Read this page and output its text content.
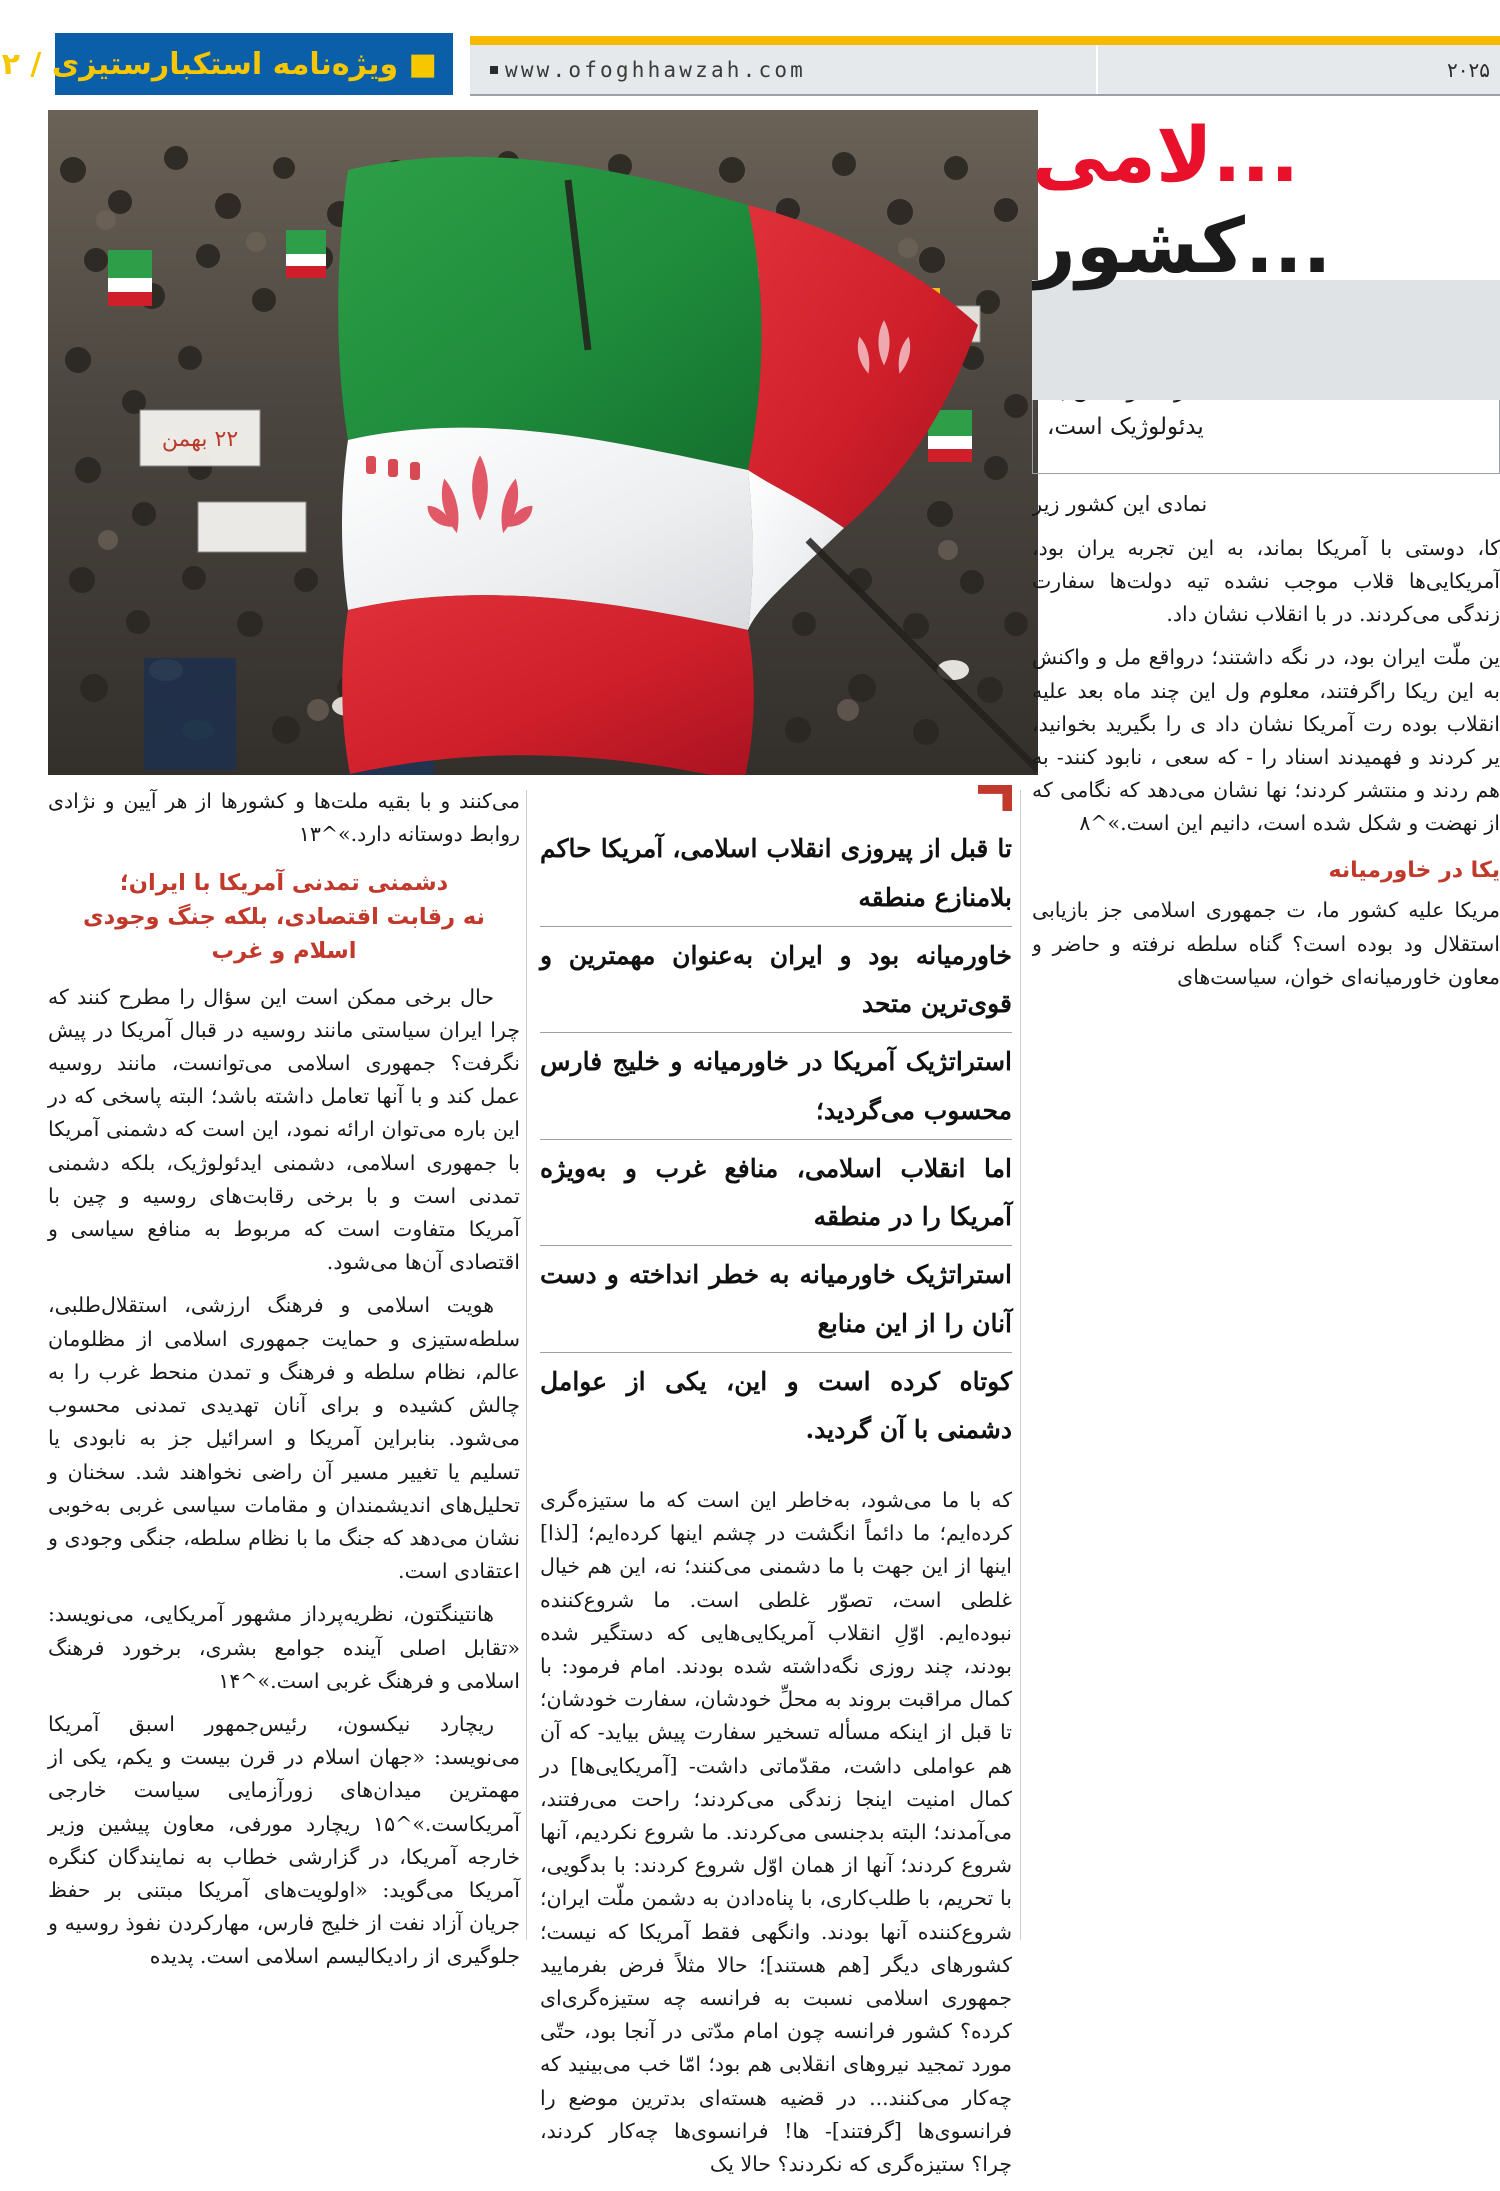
■ ویژه‌نامه استکبارستیزی / ۲	www.ofoghhawzah.com	۲۰۲۵
۲۲ بهمن

می‌کنند و با بقیه ملت‌ها و کشورها از هر آیین و نژادی روابط دوستانه دارد.»^۱۳

دشمنی تمدنی آمریکا با ایران؛
نه رقابت اقتصادی، بلکه جنگ وجودی اسلام و غرب

حال برخی ممکن است این سؤال را مطرح کنند که چرا ایران سیاستی مانند روسیه در قبال آمریکا در پیش نگرفت؟ جمهوری اسلامی می‌توانست، مانند روسیه عمل کند و با آنها تعامل داشته باشد؛ البته پاسخی که در این باره می‌توان ارائه نمود، این است که دشمنی آمریکا با جمهوری اسلامی، دشمنی ایدئولوژیک، بلکه دشمنی تمدنی است و با برخی رقابت‌های روسیه و چین با آمریکا متفاوت است که مربوط به منافع سیاسی و اقتصادی آن‌ها می‌شود.

هویت اسلامی و فرهنگ ارزشی، استقلال‌طلبی، سلطه‌ستیزی و حمایت جمهوری اسلامی از مظلومان عالم، نظام سلطه و فرهنگ و تمدن منحط غرب را به چالش کشیده و برای آنان تهدیدی تمدنی محسوب می‌شود. بنابراین آمریکا و اسرائیل جز به نابودی یا تسلیم یا تغییر مسیر آن راضی نخواهند شد. سخنان و تحلیل‌های اندیشمندان و مقامات سیاسی غربی به‌خوبی نشان می‌دهد که جنگ ما با نظام سلطه، جنگی وجودی و اعتقادی است.

هانتینگتون، نظریه‌پرداز مشهور آمریکایی، می‌نویسد: «تقابل اصلی آینده جوامع بشری، برخورد فرهنگ اسلامی و فرهنگ غربی است.»^۱۴

ریچارد نیکسون، رئیس‌جمهور اسبق آمریکا می‌نویسد: «جهان اسلام در قرن بیست و یکم، یکی از مهمترین میدان‌های زورآزمایی سیاست خارجی آمریکاست.»^۱۵ ریچارد مورفی، معاون پیشین وزیر خارجه آمریکا، در گزارشی خطاب به نمایندگان کنگره آمریکا می‌گوید: «اولویت‌های آمریکا مبتنی بر حفظ جریان آزاد نفت از خلیج فارس، مهارکردن نفوذ روسیه و جلوگیری از رادیکالیسم اسلامی است. پدیده

تا قبل از پیروزی انقلاب اسلامی، آمریکا حاکم بلامنازع منطقه
خاورمیانه بود و ایران به‌عنوان مهمترین و قوی‌ترین متحد
استراتژیک آمریکا در خاورمیانه و خلیج فارس محسوب می‌گردید؛
اما انقلاب اسلامی، منافع غرب و به‌ویژه آمریکا را در منطقه
استراتژیک خاورمیانه به خطر انداخته و دست آنان را از این منابع
کوتاه کرده است و این، یکی از عوامل دشمنی با آن گردید.

که با ما می‌شود، به‌خاطر این است که ما ستیزه‌گری کرده‌ایم؛ ما دائماً انگشت در چشم اینها کرده‌ایم؛ [لذا] اینها از این جهت با ما دشمنی می‌کنند؛ نه، این هم خیال غلطی است، تصوّر غلطی است. ما شروع‌کننده نبوده‌ایم. اوّلِ انقلاب آمریکایی‌هایی که دستگیر شده بودند، چند روزی نگه‌داشته شده بودند. امام فرمود: با کمال مراقبت بروند به محلِّ خودشان، سفارت خودشان؛ تا قبل از اینکه مسأله تسخیر سفارت پیش بیاید- که آن هم عواملی داشت، مقدّماتی داشت- [آمریکایی‌ها] در کمال امنیت اینجا زندگی می‌کردند؛ راحت می‌رفتند، می‌آمدند؛ البته بدجنسی می‌کردند. ما شروع نکردیم، آنها شروع کردند؛ آنها از همان اوّل شروع کردند: با بدگویی، با تحریم، با طلب‌کاری، با پناه‌دادن به دشمن ملّت ایران؛ شروع‌کننده آنها بودند. وانگهی فقط آمریکا که نیست؛ کشورهای دیگر [هم هستند]؛ حالا مثلاً فرض بفرمایید جمهوری اسلامی نسبت به فرانسه چه ستیزه‌گری‌ای کرده؟ کشور فرانسه چون امام مدّتی در آنجا بود، حتّی مورد تمجید نیروهای انقلابی هم بود؛ امّا خب می‌بینید که چه‌کار می‌کنند... در قضیه هسته‌ای بدترین موضع را فرانسوی‌ها [گرفتند]- ها! فرانسوی‌ها چه‌کار کردند، چرا؟ ستیزه‌گری که نکردند؟ حالا یک

...لامی
...کشور
یدئولوژیک است،
نمادی این کشور زیر

کا، دوستی با آمریکا بماند، به این تجربه یران بود، آمریکایی‌ها قلاب موجب نشده تیه دولت‌ها سفارت زندگی می‌کردند. در با انقلاب نشان داد.

ین ملّت ایران بود، در نگه داشتند؛ درواقع مل و واکنش به این ریکا راگرفتند، معلوم ول این چند ماه بعد علیه انقلاب بوده رت آمریکا نشان داد ی را بگیرید بخوانید، یر کردند و فهمیدند اسناد را - که سعی ، نابود کنند- به هم ردند و منتشر کردند؛ نها نشان می‌دهد که نگامی که از نهضت و شکل شده است، دانیم این است.»^۸

یکا در خاورمیانه

مریکا علیه کشور ما، ت جمهوری اسلامی جز بازیابی استقلال ود بوده است؟ گناه سلطه نرفته و حاضر و معاون خاورمیانه‌ای خوان، سیاست‌های
